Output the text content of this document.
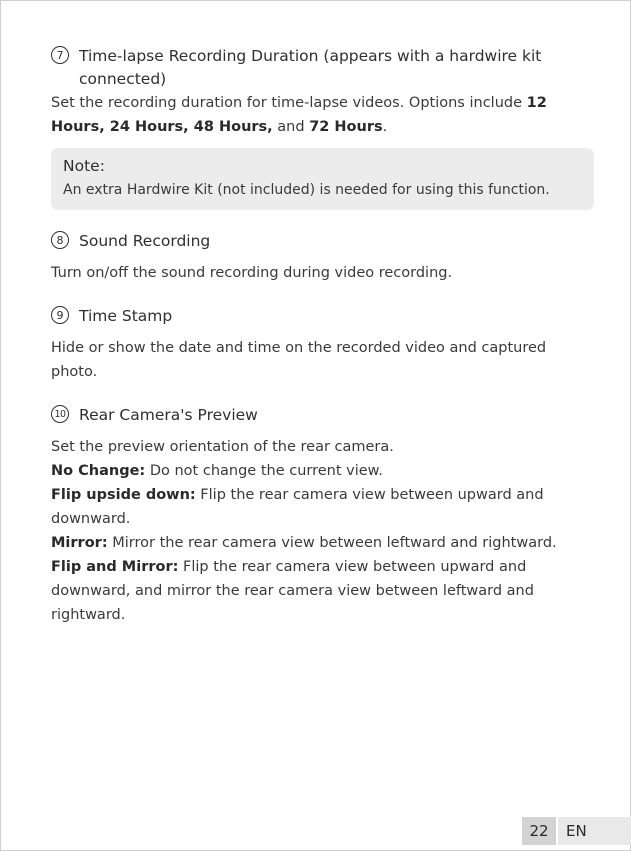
7	Time-lapse Recording Duration (appears with a hardwire kit connected)
Set the recording duration for time-lapse videos. Options include 12 Hours, 24 Hours, 48 Hours, and 72 Hours.
Note:
An extra Hardwire Kit (not included) is needed for using this function.
8	Sound Recording
Turn on/off the sound recording during video recording.
9	Time Stamp
Hide or show the date and time on the recorded video and captured photo.
10 Rear Camera's Preview
Set the preview orientation of the rear camera.
No Change: Do not change the current view.
Flip upside down: Flip the rear camera view between upward and downward.
Mirror: Mirror the rear camera view between leftward and rightward.
Flip and Mirror: Flip the rear camera view between upward and downward, and mirror the rear camera view between leftward and rightward.
22	EN
